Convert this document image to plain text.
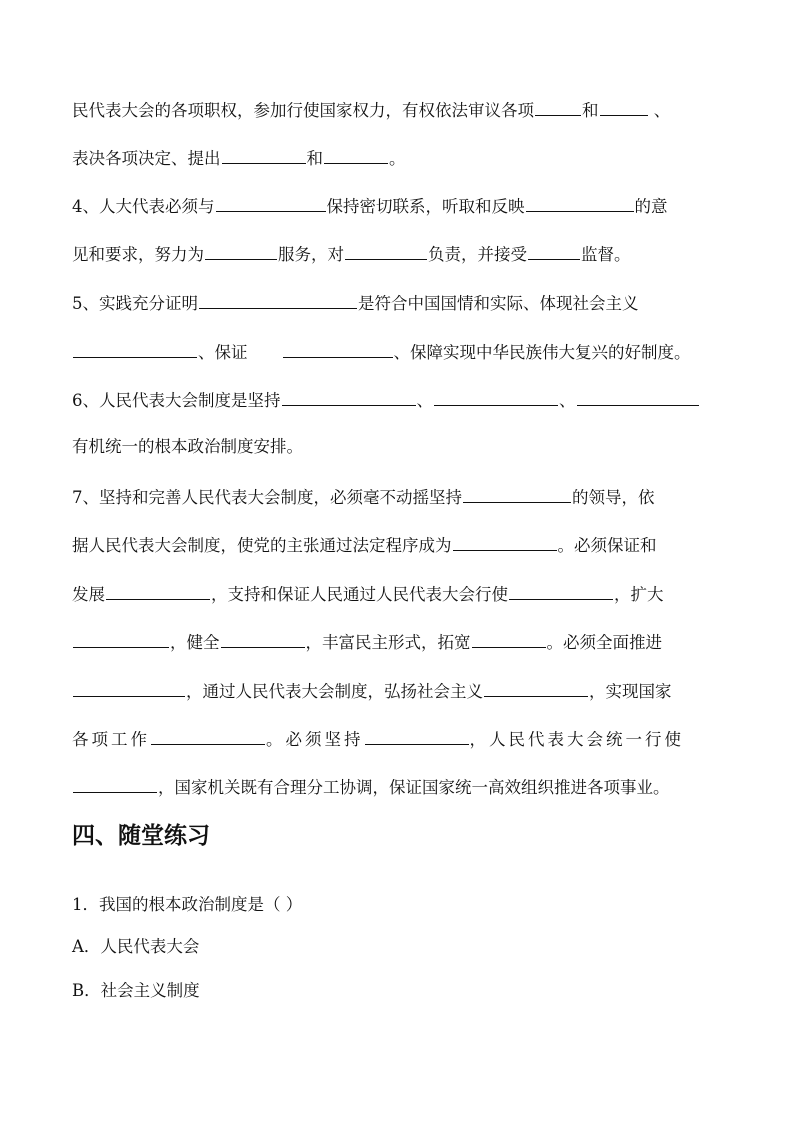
民代表大会的各项职权，参加行使国家权力，有权依法审议各项	和	、
表决各项决定、提出	和	。
4、人大代表必须与	保持密切联系，听取和反映	的意
见和要求，努力为	服务，对	负责，并接受	监督。
5、实践充分证明	是符合中国国情和实际、体现社会主义
、保证	、保障实现中华民族伟大复兴的好制度。
6、人民代表大会制度是坚持	、	、
有机统一的根本政治制度安排。
7、坚持和完善人民代表大会制度，必须毫不动摇坚持	的领导，依
据人民代表大会制度，使党的主张通过法定程序成为	。必须保证和
发展	，支持和保证人民通过人民代表大会行使	，扩大
，健全	，丰富民主形式，拓宽	。必须全面推进
，通过人民代表大会制度，弘扬社会主义	，实现国家
各项工作	。必须坚持	，人民代表大会统一行使
，国家机关既有合理分工协调，保证国家统一高效组织推进各项事业。
四、随堂练习
1．我国的根本政治制度是（ ）
A．人民代表大会
B．社会主义制度
